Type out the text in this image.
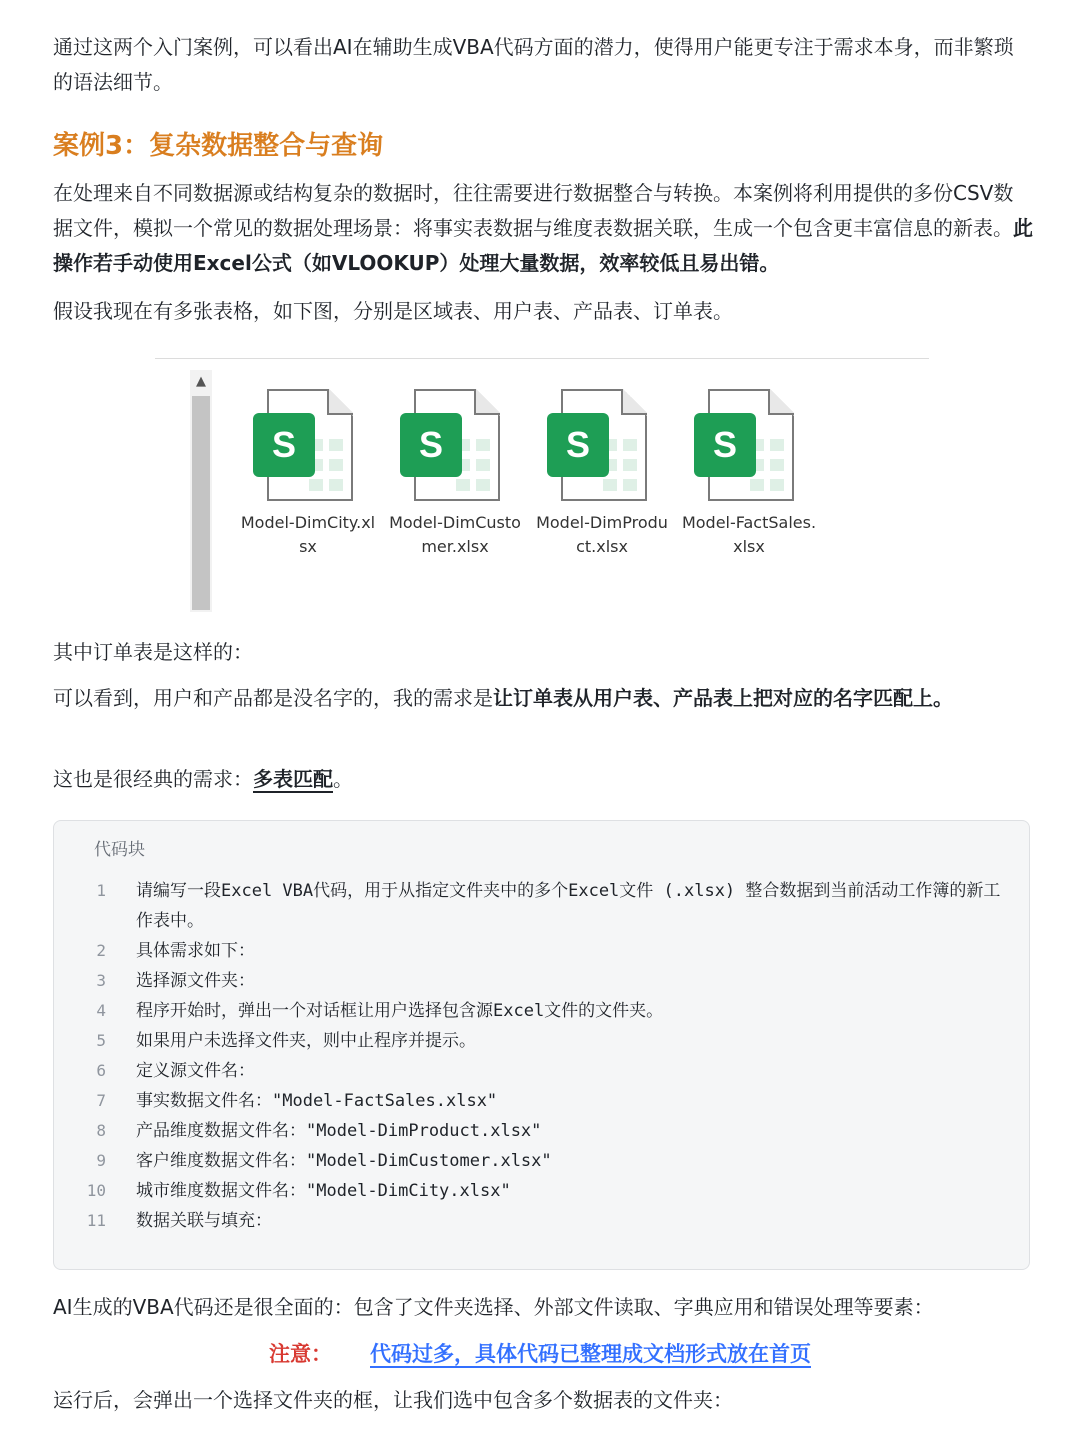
通过这两个入门案例，可以看出AI在辅助生成VBA代码方面的潜力，使得用户能更专注于需求本身，而非繁琐的语法细节。

案例3：复杂数据整合与查询

在处理来自不同数据源或结构复杂的数据时，往往需要进行数据整合与转换。本案例将利用提供的多份CSV数据文件，模拟一个常见的数据处理场景：将事实表数据与维度表数据关联，生成一个包含更丰富信息的新表。此操作若手动使用Excel公式（如VLOOKUP）处理大量数据，效率较低且易出错。

假设我现在有多张表格，如下图，分别是区域表、用户表、产品表、订单表。

▲
S
Model-DimCity.xlsx
S
Model-DimCustomer.xlsx
S
Model-DimProduct.xlsx
S
Model-FactSales.xlsx

其中订单表是这样的：

可以看到，用户和产品都是没名字的，我的需求是让订单表从用户表、产品表上把对应的名字匹配上。

这也是很经典的需求：多表匹配。

代码块
1 请编写一段Excel VBA代码，用于从指定文件夹中的多个Excel文件 (.xlsx) 整合数据到当前活动工作簿的新工作表中。
2 具体需求如下：
3 选择源文件夹：
4 程序开始时，弹出一个对话框让用户选择包含源Excel文件的文件夹。
5 如果用户未选择文件夹，则中止程序并提示。
6 定义源文件名：
7 事实数据文件名："Model-FactSales.xlsx"
8 产品维度数据文件名："Model-DimProduct.xlsx"
9 客户维度数据文件名："Model-DimCustomer.xlsx"
10 城市维度数据文件名："Model-DimCity.xlsx"
11 数据关联与填充：

AI生成的VBA代码还是很全面的：包含了文件夹选择、外部文件读取、字典应用和错误处理等要素：

注意： 代码过多，具体代码已整理成文档形式放在首页

运行后，会弹出一个选择文件夹的框，让我们选中包含多个数据表的文件夹：
